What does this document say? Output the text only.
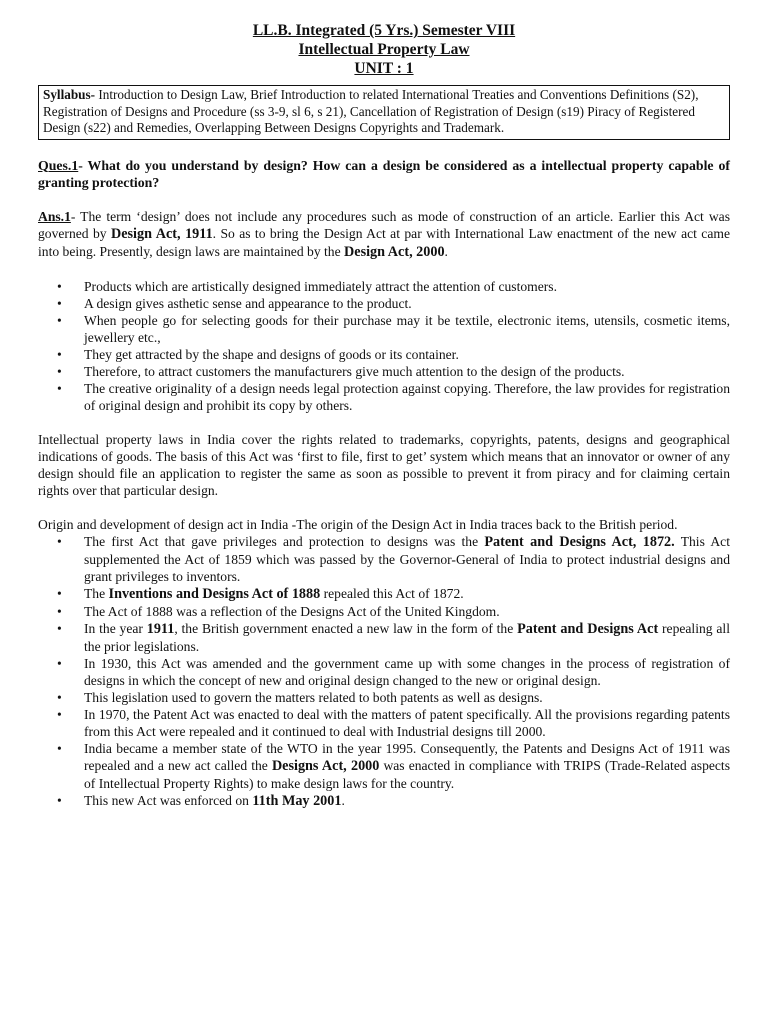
LL.B. Integrated (5 Yrs.) Semester VIII
Intellectual Property Law
UNIT : 1
Syllabus- Introduction to Design Law, Brief Introduction to related International Treaties and Conventions Definitions (S2), Registration of Designs and Procedure (ss 3-9, sl 6, s 21), Cancellation of Registration of Design (s19) Piracy of Registered Design (s22) and Remedies, Overlapping Between Designs Copyrights and Trademark.

Ques.1- What do you understand by design? How can a design be considered as a intellectual property capable of granting protection?

Ans.1- The term ‘design’ does not include any procedures such as mode of construction of an article. Earlier this Act was governed by Design Act, 1911. So as to bring the Design Act at par with International Law enactment of the new act came into being. Presently, design laws are maintained by the Design Act, 2000.

• Products which are artistically designed immediately attract the attention of customers.
• A design gives asthetic sense and appearance to the product.
• When people go for selecting goods for their purchase may it be textile, electronic items, utensils, cosmetic items, jewellery etc.,
• They get attracted by the shape and designs of goods or its container.
• Therefore, to attract customers the manufacturers give much attention to the design of the products.
• The creative originality of a design needs legal protection against copying. Therefore, the law provides for registration of original design and prohibit its copy by others.

Intellectual property laws in India cover the rights related to trademarks, copyrights, patents, designs and geographical indications of goods. The basis of this Act was ‘first to file, first to get’ system which means that an innovator or owner of any design should file an application to register the same as soon as possible to prevent it from piracy and for claiming certain rights over that particular design.

Origin and development of design act in India -The origin of the Design Act in India traces back to the British period.

• The first Act that gave privileges and protection to designs was the Patent and Designs Act, 1872. This Act supplemented the Act of 1859 which was passed by the Governor-General of India to protect industrial designs and grant privileges to inventors.
• The Inventions and Designs Act of 1888 repealed this Act of 1872.
• The Act of 1888 was a reflection of the Designs Act of the United Kingdom.
• In the year 1911, the British government enacted a new law in the form of the Patent and Designs Act repealing all the prior legislations.
• In 1930, this Act was amended and the government came up with some changes in the process of registration of designs in which the concept of new and original design changed to the new or original design.
• This legislation used to govern the matters related to both patents as well as designs.
• In 1970, the Patent Act was enacted to deal with the matters of patent specifically. All the provisions regarding patents from this Act were repealed and it continued to deal with Industrial designs till 2000.
• India became a member state of the WTO in the year 1995. Consequently, the Patents and Designs Act of 1911 was repealed and a new act called the Designs Act, 2000 was enacted in compliance with TRIPS (Trade-Related aspects of Intellectual Property Rights) to make design laws for the country.
• This new Act was enforced on 11th May 2001.
